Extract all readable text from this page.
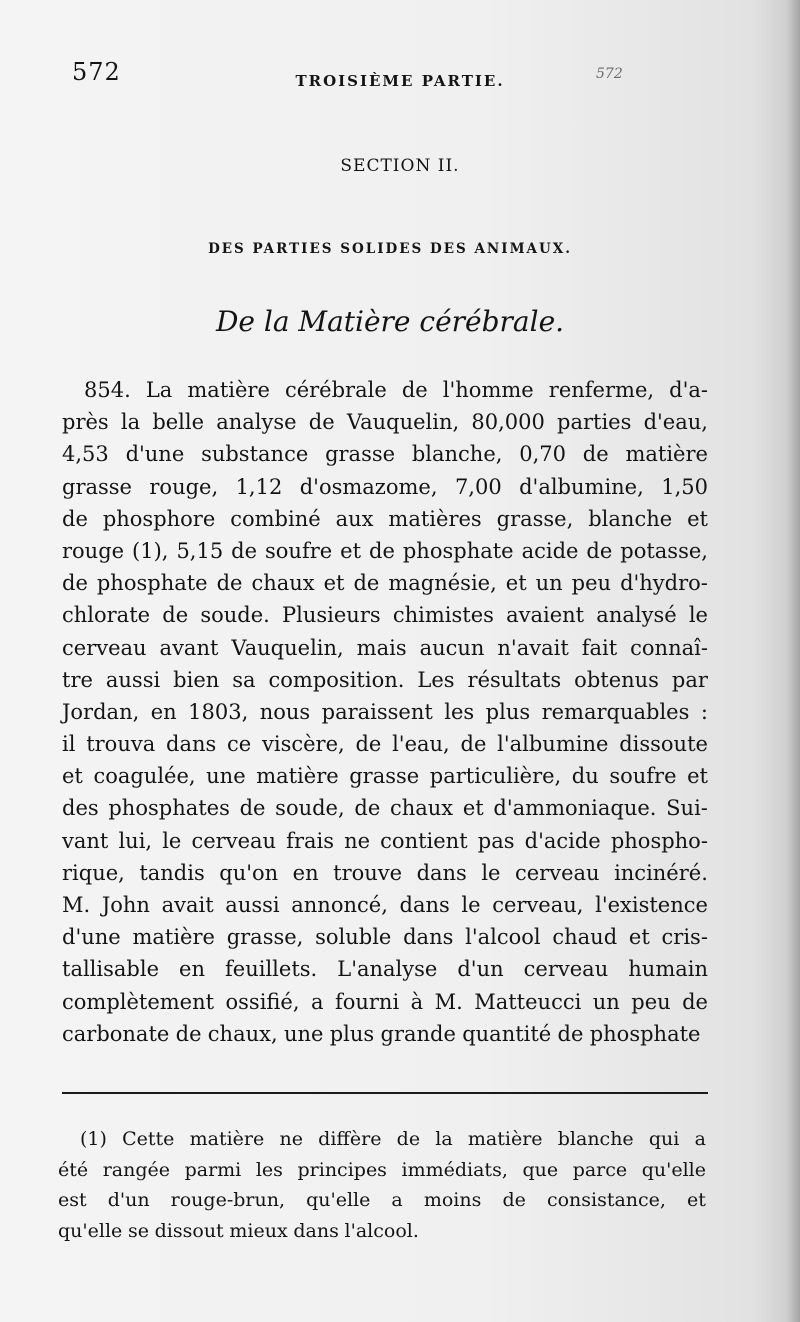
572	TROISIÈME PARTIE.	572
SECTION II.
DES PARTIES SOLIDES DES ANIMAUX.
De la Matière cérébrale.
854. La matière cérébrale de l'homme renferme, d'a-
près la belle analyse de Vauquelin, 80,000 parties d'eau,
4,53 d'une substance grasse blanche, 0,70 de matière
grasse rouge, 1,12 d'osmazome, 7,00 d'albumine, 1,50
de phosphore combiné aux matières grasse, blanche et
rouge (1), 5,15 de soufre et de phosphate acide de potasse,
de phosphate de chaux et de magnésie, et un peu d'hydro-
chlorate de soude. Plusieurs chimistes avaient analysé le
cerveau avant Vauquelin, mais aucun n'avait fait connaî-
tre aussi bien sa composition. Les résultats obtenus par
Jordan, en 1803, nous paraissent les plus remarquables :
il trouva dans ce viscère, de l'eau, de l'albumine dissoute
et coagulée, une matière grasse particulière, du soufre et
des phosphates de soude, de chaux et d'ammoniaque. Sui-
vant lui, le cerveau frais ne contient pas d'acide phospho-
rique, tandis qu'on en trouve dans le cerveau incinéré.
M. John avait aussi annoncé, dans le cerveau, l'existence
d'une matière grasse, soluble dans l'alcool chaud et cris-
tallisable en feuillets. L'analyse d'un cerveau humain
complètement ossifié, a fourni à M. Matteucci un peu de
carbonate de chaux, une plus grande quantité de phosphate
(1) Cette matière ne diffère de la matière blanche qui a
été rangée parmi les principes immédiats, que parce qu'elle
est d'un rouge-brun, qu'elle a moins de consistance, et
qu'elle se dissout mieux dans l'alcool.
